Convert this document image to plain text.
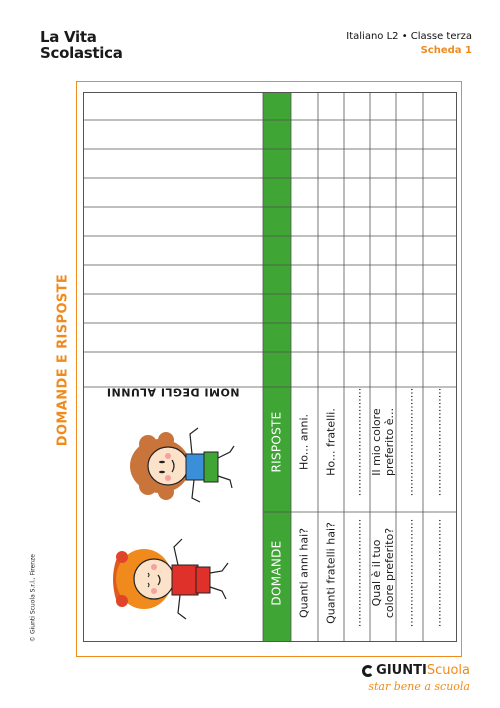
La Vita
Scolastica
Italiano L2 • Classe terza
Scheda 1
DOMANDE E RISPOSTE
© Giunti Scuola S.r.l., Firenze
NOMI DEGLI ALUNNI
DOMANDE
RISPOSTE
Quanti anni hai?
Ho... anni.
Quanti fratelli hai?
Ho... fratelli.
...............................
...............................
Qual è il tuo
colore preferito?
Il mio colore
preferito è...
...............................
...............................
...............................
...............................
GIUNTI Scuola
star bene a scuola
